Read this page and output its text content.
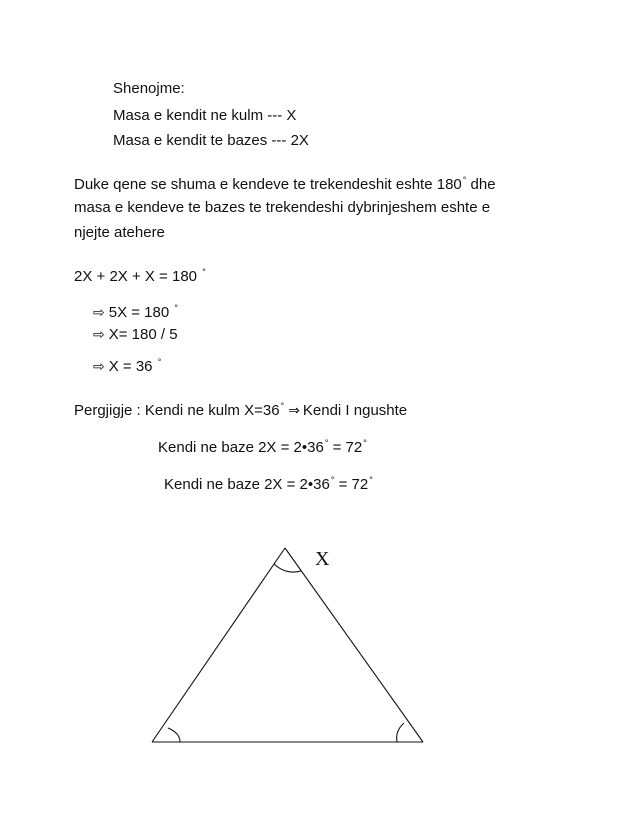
Shenojme:
Masa e kendit ne kulm --- X
Masa e kendit te bazes --- 2X
Duke qene se shuma e kendeve te trekendeshit eshte 180° dhe
masa e kendeve te bazes te trekendeshi dybrinjeshem eshte e
njejte atehere
2X + 2X + X = 180 °
⇨ 5X = 180 °
⇨ X= 180 / 5
⇨ X = 36 °
Pergjigje : Kendi ne kulm X=36° ⇒ Kendi I ngushte
Kendi ne baze 2X = 2•36° = 72°
Kendi ne baze 2X = 2•36° = 72°
X
